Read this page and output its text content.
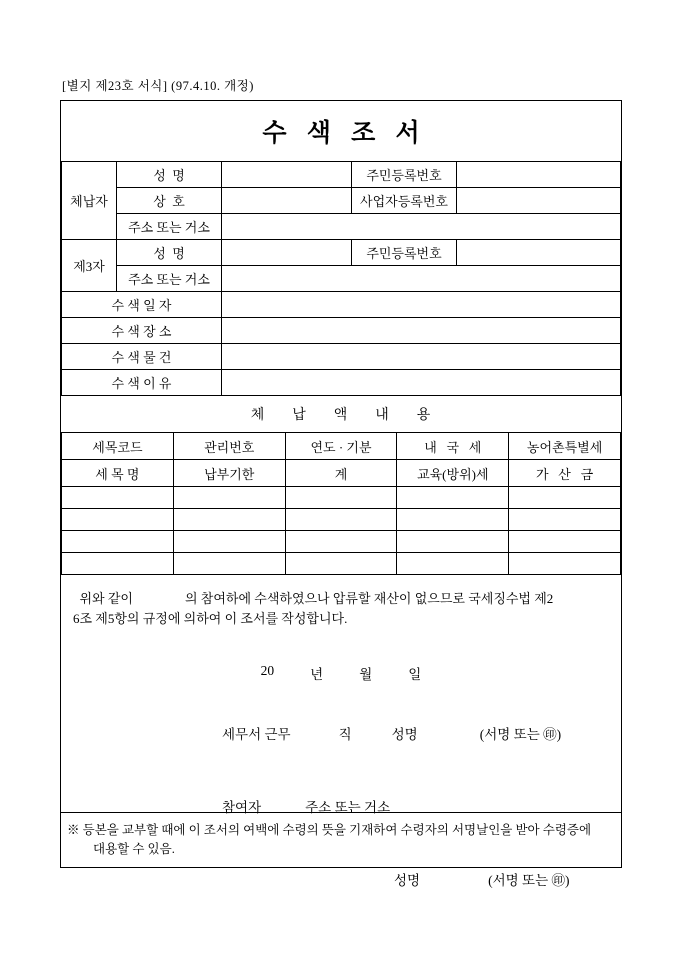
[별지 제23호 서식] (97.4.10. 개정)
수 색 조 서
체납자	성  명		주민등록번호	
	상  호		사업자등록번호	
	주소 또는 거소			
제3자	성  명		주민등록번호	
	주소 또는 거소			
수 색 일 자				
수 색 장 소				
수 색 물 건				
수 색 이 유				
체      납      액      내      용
세목코드	관리번호	연도 · 기분	내   국   세	농어촌특별세
세 목 명	납부기한	계	교육(방위)세	가   산   금

위와 같이                의 참여하에 수색하였으나 압류할 재산이 없으므로 국세징수법 제2
6조 제5항의 규정에 의하여 이 조서를 작성합니다.
20	년	월	일

세무서 근무	직	성명	(서명 또는 ㊞)

참여자	주소 또는 거소

성명	(서명 또는 ㊞)

※ 등본을 교부할 때에 이 조서의 여백에 수령의 뜻을 기재하여 수령자의 서명날인을 받아 수령증에
대용할 수 있음.
